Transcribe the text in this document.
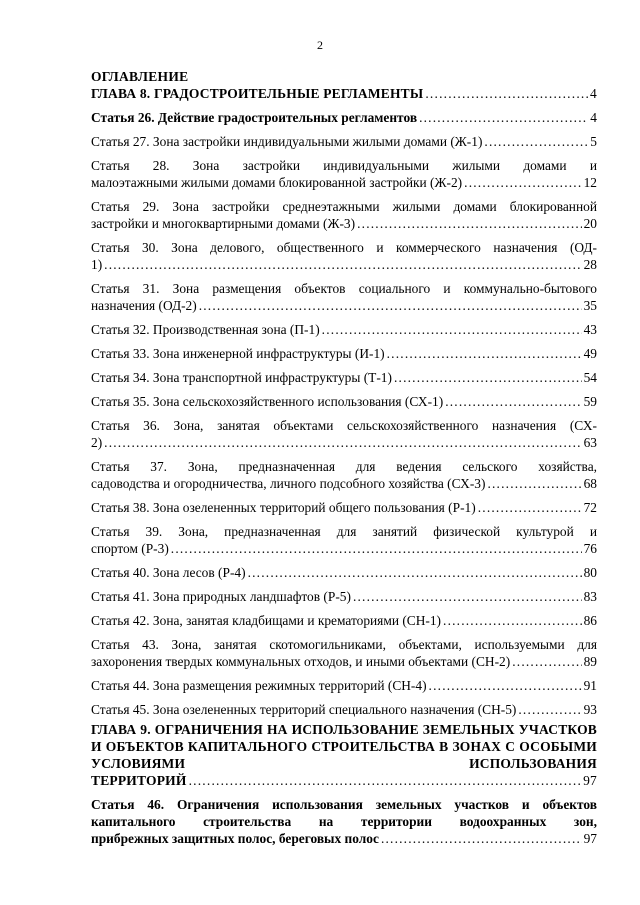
2
ОГЛАВЛЕНИЕ
ГЛАВА 8. ГРАДОСТРОИТЕЛЬНЫЕ РЕГЛАМЕНТЫ .....	4
Статья 26. Действие градостроительных регламентов .....	4
Статья 27. Зона застройки индивидуальными жилыми домами (Ж-1) .....	5
Статья 28. Зона застройки индивидуальными жилыми домами и
малоэтажными жилыми домами блокированной застройки (Ж-2) .....	12
Статья 29. Зона застройки среднеэтажными жилыми домами блокированной
застройки и многоквартирными домами (Ж-3) .....	20
Статья 30. Зона делового, общественного и коммерческого назначения (ОД-
1) .....	28
Статья 31. Зона размещения объектов социального и коммунально-бытового
назначения (ОД-2) .....	35
Статья 32. Производственная зона (П-1) .....	43
Статья 33. Зона инженерной инфраструктуры (И-1) .....	49
Статья 34. Зона транспортной инфраструктуры (Т-1) .....	54
Статья 35. Зона сельскохозяйственного использования (СХ-1) .....	59
Статья 36. Зона, занятая объектами сельскохозяйственного назначения (СХ-
2) .....	63
Статья 37. Зона, предназначенная для ведения сельского хозяйства,
садоводства и огородничества, личного подсобного хозяйства (СХ-3) .....	68
Статья 38. Зона озелененных территорий общего пользования (Р-1) .....	72
Статья 39. Зона, предназначенная для занятий физической культурой и
спортом (Р-3) .....	76
Статья 40. Зона лесов (Р-4) .....	80
Статья 41. Зона природных ландшафтов (Р-5) .....	83
Статья 42. Зона, занятая кладбищами и крематориями (СН-1) .....	86
Статья 43. Зона, занятая скотомогильниками, объектами, используемыми для
захоронения твердых коммунальных отходов, и иными объектами (СН-2) .....	89
Статья 44. Зона размещения режимных территорий (СН-4) .....	91
Статья 45. Зона озелененных территорий специального назначения (СН-5) .....	93
ГЛАВА 9. ОГРАНИЧЕНИЯ НА ИСПОЛЬЗОВАНИЕ ЗЕМЕЛЬНЫХ УЧАСТКОВ И ОБЪЕКТОВ КАПИТАЛЬНОГО СТРОИТЕЛЬСТВА В ЗОНАХ С ОСОБЫМИ УСЛОВИЯМИ ИСПОЛЬЗОВАНИЯ
ТЕРРИТОРИЙ .....	97
Статья 46. Ограничения использования земельных участков и объектов капитального строительства на территории водоохранных зон,
прибрежных защитных полос, береговых полос .....	97
